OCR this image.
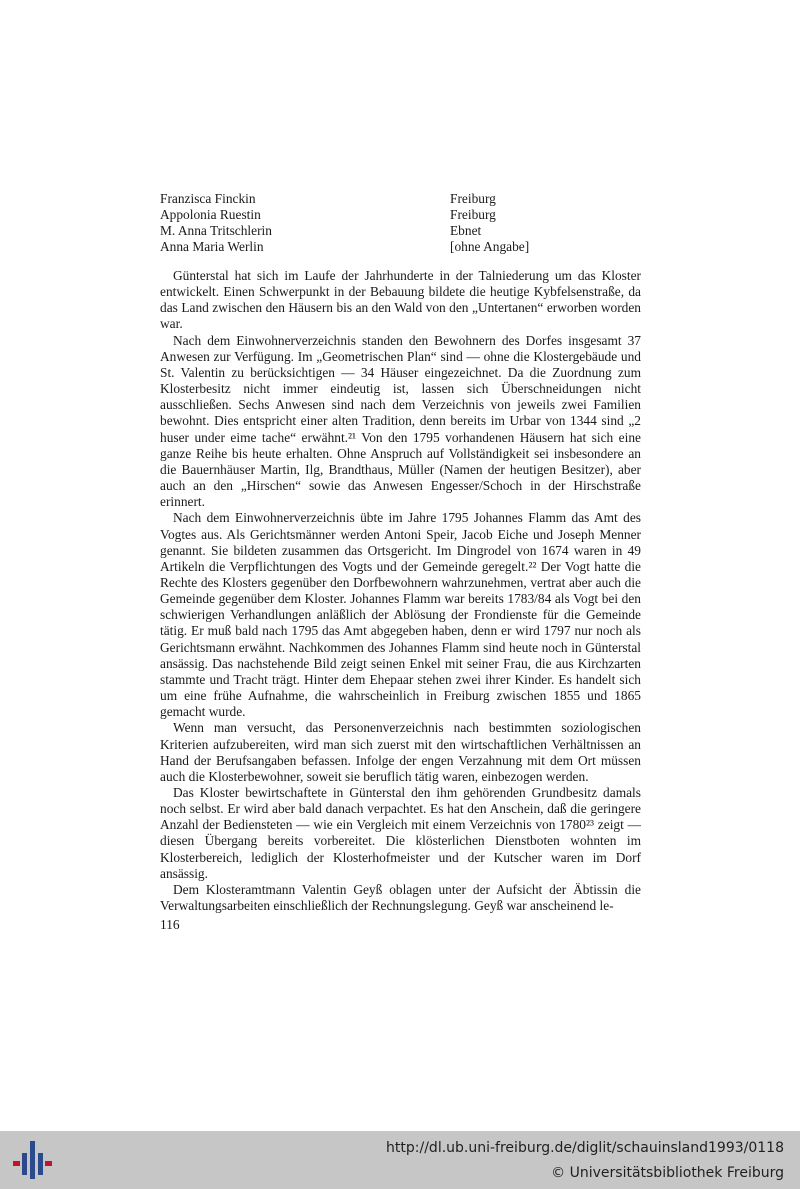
Franzisca Finckin	Freiburg
Appolonia Ruestin	Freiburg
M. Anna Tritschlerin	Ebnet
Anna Maria Werlin	[ohne Angabe]

Günterstal hat sich im Laufe der Jahrhunderte in der Talniederung um das Kloster entwickelt. Einen Schwerpunkt in der Bebauung bildete die heutige Kybfelsenstraße, da das Land zwischen den Häusern bis an den Wald von den „Untertanen“ erworben worden war.

Nach dem Einwohnerverzeichnis standen den Bewohnern des Dorfes insgesamt 37 Anwesen zur Verfügung. Im „Geometrischen Plan“ sind — ohne die Klostergebäude und St. Valentin zu berücksichtigen — 34 Häuser eingezeichnet. Da die Zuordnung zum Klosterbesitz nicht immer eindeutig ist, lassen sich Überschneidungen nicht ausschließen. Sechs Anwesen sind nach dem Verzeichnis von jeweils zwei Familien bewohnt. Dies entspricht einer alten Tradition, denn bereits im Urbar von 1344 sind „2 huser under eime tache“ erwähnt.²¹ Von den 1795 vorhandenen Häusern hat sich eine ganze Reihe bis heute erhalten. Ohne Anspruch auf Vollständigkeit sei insbesondere an die Bauernhäuser Martin, Ilg, Brandthaus, Müller (Namen der heutigen Besitzer), aber auch an den „Hirschen“ sowie das Anwesen Engesser/Schoch in der Hirschstraße erinnert.

Nach dem Einwohnerverzeichnis übte im Jahre 1795 Johannes Flamm das Amt des Vogtes aus. Als Gerichtsmänner werden Antoni Speir, Jacob Eiche und Joseph Menner genannt. Sie bildeten zusammen das Ortsgericht. Im Dingrodel von 1674 waren in 49 Artikeln die Verpflichtungen des Vogts und der Gemeinde geregelt.²² Der Vogt hatte die Rechte des Klosters gegenüber den Dorfbewohnern wahrzunehmen, vertrat aber auch die Gemeinde gegenüber dem Kloster. Johannes Flamm war bereits 1783/84 als Vogt bei den schwierigen Verhandlungen anläßlich der Ablösung der Frondienste für die Gemeinde tätig. Er muß bald nach 1795 das Amt abgegeben haben, denn er wird 1797 nur noch als Gerichtsmann erwähnt. Nachkommen des Johannes Flamm sind heute noch in Günterstal ansässig. Das nachstehende Bild zeigt seinen Enkel mit seiner Frau, die aus Kirchzarten stammte und Tracht trägt. Hinter dem Ehepaar stehen zwei ihrer Kinder. Es handelt sich um eine frühe Aufnahme, die wahrscheinlich in Freiburg zwischen 1855 und 1865 gemacht wurde.

Wenn man versucht, das Personenverzeichnis nach bestimmten soziologischen Kriterien aufzubereiten, wird man sich zuerst mit den wirtschaftlichen Verhältnissen an Hand der Berufsangaben befassen. Infolge der engen Verzahnung mit dem Ort müssen auch die Klosterbewohner, soweit sie beruflich tätig waren, einbezogen werden.

Das Kloster bewirtschaftete in Günterstal den ihm gehörenden Grundbesitz damals noch selbst. Er wird aber bald danach verpachtet. Es hat den Anschein, daß die geringere Anzahl der Bediensteten — wie ein Vergleich mit einem Verzeichnis von 1780²³ zeigt — diesen Übergang bereits vorbereitet. Die klösterlichen Dienstboten wohnten im Klosterbereich, lediglich der Klosterhofmeister und der Kutscher waren im Dorf ansässig.

Dem Klosteramtmann Valentin Geyß oblagen unter der Aufsicht der Äbtissin die Verwaltungsarbeiten einschließlich der Rechnungslegung. Geyß war anscheinend le-

116
http://dl.ub.uni-freiburg.de/diglit/schauinsland1993/0118
© Universitätsbibliothek Freiburg
